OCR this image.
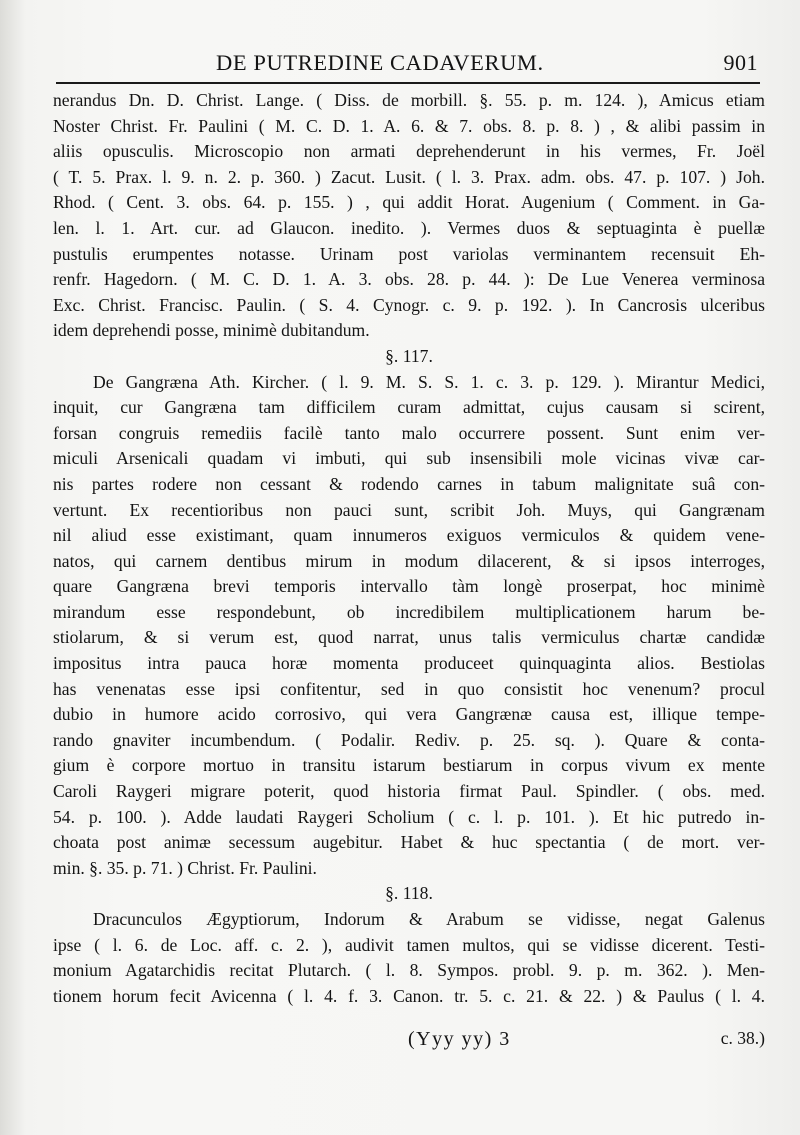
DE PUTREDINE CADAVERUM.	901
nerandus Dn. D. Christ. Lange. ( Diss. de morbill. §. 55. p. m. 124. ), Amicus etiam
Noster Christ. Fr. Paulini ( M. C. D. 1. A. 6. & 7. obs. 8. p. 8. ) , & alibi passim in
aliis opusculis. Microscopio non armati deprehenderunt in his vermes, Fr. Joël
( T. 5. Prax. l. 9. n. 2. p. 360. ) Zacut. Lusit. ( l. 3. Prax. adm. obs. 47. p. 107. ) Joh.
Rhod. ( Cent. 3. obs. 64. p. 155. ) , qui addit Horat. Augenium ( Comment. in Ga-
len. l. 1. Art. cur. ad Glaucon. inedito. ). Vermes duos & septuaginta è puellæ
pustulis erumpentes notasse. Urinam post variolas verminantem recensuit Eh-
renfr. Hagedorn. ( M. C. D. 1. A. 3. obs. 28. p. 44. ): De Lue Venerea verminosa
Exc. Christ. Francisc. Paulin. ( S. 4. Cynogr. c. 9. p. 192. ). In Cancrosis ulceribus
idem deprehendi posse, minimè dubitandum.
§. 117.
De Gangræna Ath. Kircher. ( l. 9. M. S. S. 1. c. 3. p. 129. ). Mirantur Medici,
inquit, cur Gangræna tam difficilem curam admittat, cujus causam si scirent,
forsan congruis remediis facilè tanto malo occurrere possent. Sunt enim ver-
miculi Arsenicali quadam vi imbuti, qui sub insensibili mole vicinas vivæ car-
nis partes rodere non cessant & rodendo carnes in tabum malignitate suâ con-
vertunt. Ex recentioribus non pauci sunt, scribit Joh. Muys, qui Gangrænam
nil aliud esse existimant, quam innumeros exiguos vermiculos & quidem vene-
natos, qui carnem dentibus mirum in modum dilacerent, & si ipsos interroges,
quare Gangræna brevi temporis intervallo tàm longè proserpat, hoc minimè
mirandum esse respondebunt, ob incredibilem multiplicationem harum be-
stiolarum, & si verum est, quod narrat, unus talis vermiculus chartæ candidæ
impositus intra pauca horæ momenta produceet quinquaginta alios. Bestiolas
has venenatas esse ipsi confitentur, sed in quo consistit hoc venenum? procul
dubio in humore acido corrosivo, qui vera Gangrænæ causa est, illique tempe-
rando gnaviter incumbendum. ( Podalir. Rediv. p. 25. sq. ). Quare & conta-
gium è corpore mortuo in transitu istarum bestiarum in corpus vivum ex mente
Caroli Raygeri migrare poterit, quod historia firmat Paul. Spindler. ( obs. med.
54. p. 100. ). Adde laudati Raygeri Scholium ( c. l. p. 101. ). Et hic putredo in-
choata post animæ secessum augebitur. Habet & huc spectantia ( de mort. ver-
min. §. 35. p. 71. ) Christ. Fr. Paulini.
§. 118.
Dracunculos Ægyptiorum, Indorum & Arabum se vidisse, negat Galenus
ipse ( l. 6. de Loc. aff. c. 2. ), audivit tamen multos, qui se vidisse dicerent. Testi-
monium Agatarchidis recitat Plutarch. ( l. 8. Sympos. probl. 9. p. m. 362. ). Men-
tionem horum fecit Avicenna ( l. 4. f. 3. Canon. tr. 5. c. 21. & 22. ) & Paulus ( l. 4.
(Yyy yy) 3	c. 38.)
